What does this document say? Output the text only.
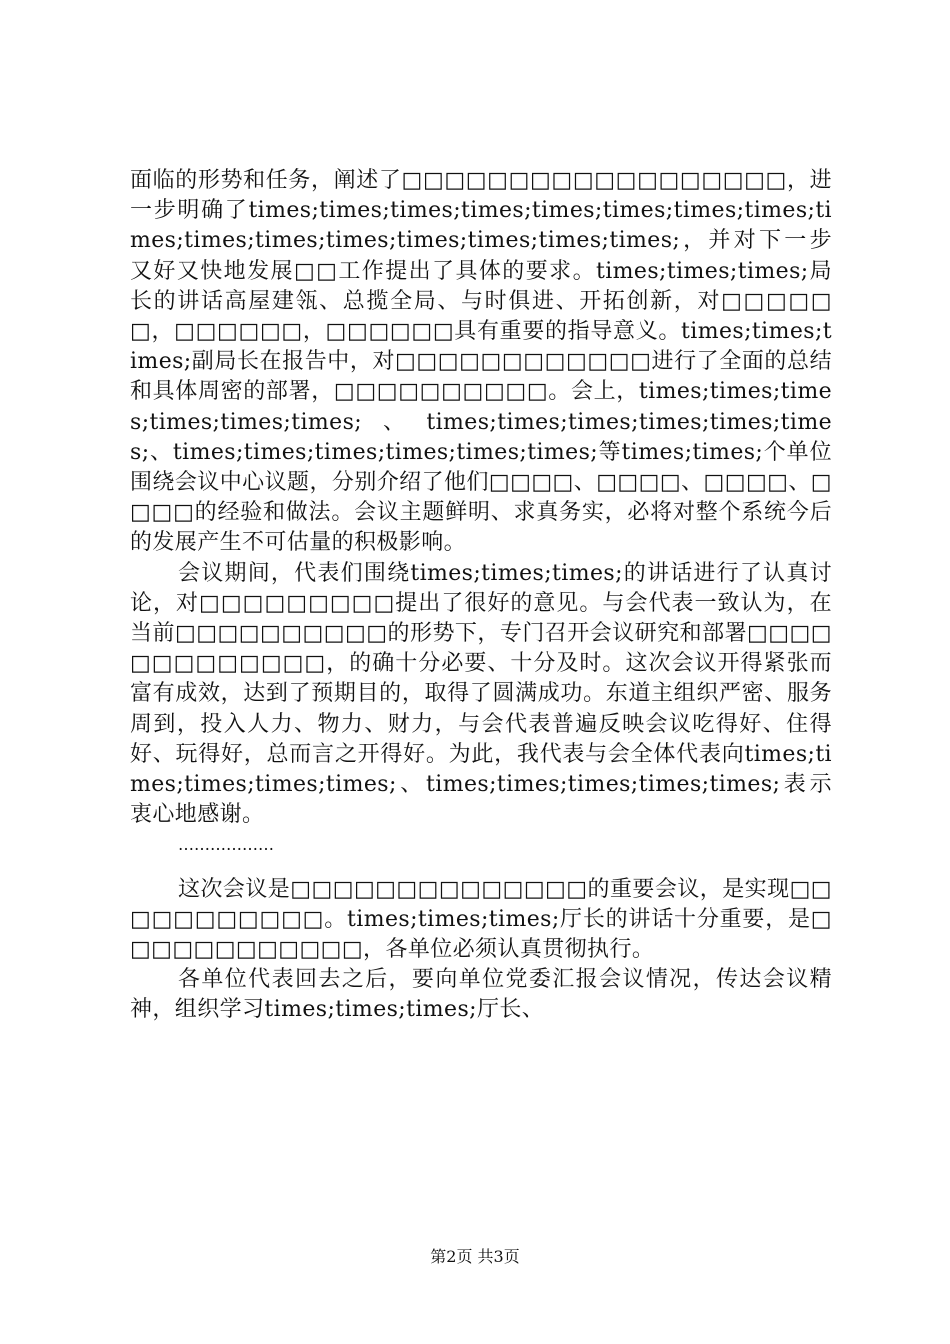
面临的形势和任务，阐述了□□□□□□□□□□□□□□□□□□，进一步明确了times;times;times;times;times;times;times;times;times;times;times;times;times;times;times;times;，并对下一步又好又快地发展□□工作提出了具体的要求。times;times;times;局长的讲话高屋建瓴、总揽全局、与时俱进、开拓创新，对□□□□□□，□□□□□□，□□□□□□具有重要的指导意义。times;times;times;副局长在报告中，对□□□□□□□□□□□□进行了全面的总结和具体周密的部署，□□□□□□□□□□。会上，times;times;times;times;times;times;、times;times;times;times;times;times;、times;times;times;times;times;times;等times;times;个单位围绕会议中心议题，分别介绍了他们□□□□、□□□□、□□□□、□□□□的经验和做法。会议主题鲜明、求真务实，必将对整个系统今后的发展产生不可估量的积极影响。

会议期间，代表们围绕times;times;times;的讲话进行了认真讨论，对□□□□□□□□□提出了很好的意见。与会代表一致认为，在当前□□□□□□□□□□的形势下，专门召开会议研究和部署□□□□□□□□□□□□□，的确十分必要、十分及时。这次会议开得紧张而富有成效，达到了预期目的，取得了圆满成功。东道主组织严密、服务周到，投入人力、物力、财力，与会代表普遍反映会议吃得好、住得好、玩得好，总而言之开得好。为此，我代表与会全体代表向times;times;times;times;times;、times;times;times;times;times;表示衷心地感谢。

………………

这次会议是□□□□□□□□□□□□□□的重要会议，是实现□□□□□□□□□□□。times;times;times;厅长的讲话十分重要，是□□□□□□□□□□□□，各单位必须认真贯彻执行。

各单位代表回去之后，要向单位党委汇报会议情况，传达会议精神，组织学习times;times;times;厅长、

第2页 共3页
